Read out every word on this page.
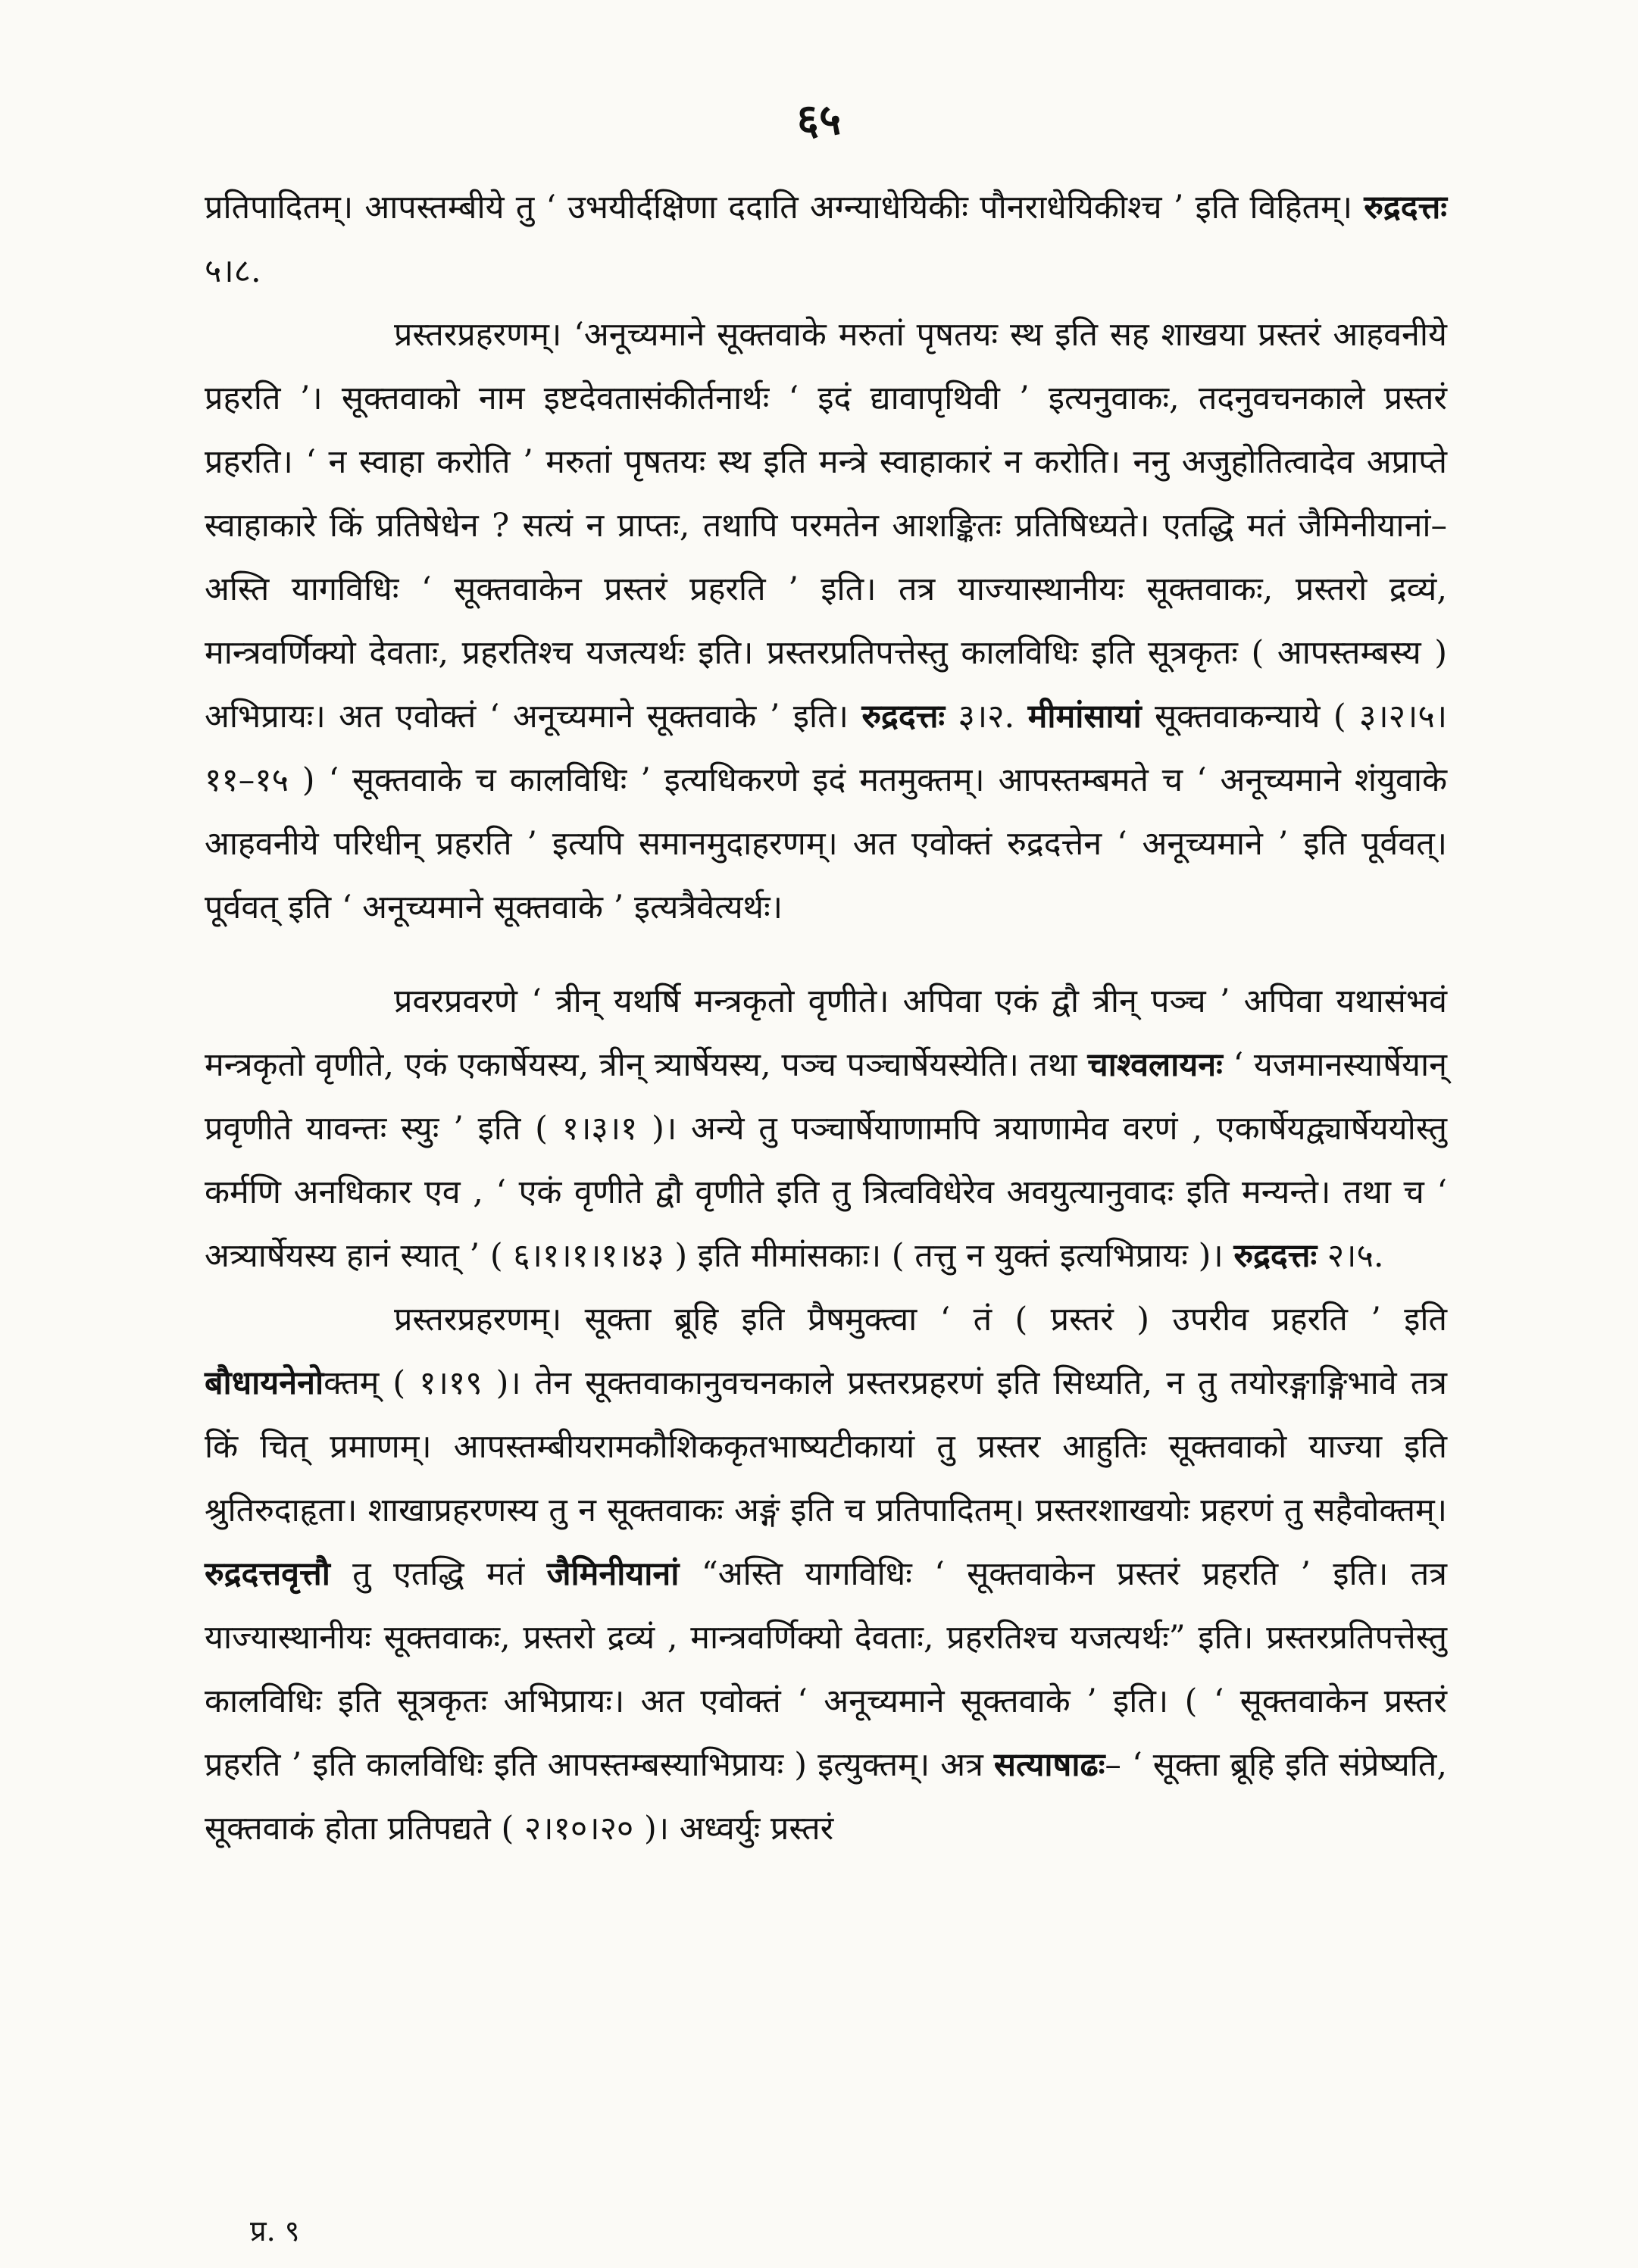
६५

प्रतिपादितम्। आपस्तम्बीये तु ‘ उभयीर्दक्षिणा ददाति अग्न्याधेयिकीः पौनराधेयिकीश्च ’ इति विहितम्। रुद्रदत्तः ५।८.

प्रस्तरप्रहरणम्। ‘अनूच्यमाने सूक्तवाके मरुतां पृषतयः स्थ इति सह शाखया प्रस्तरं आहवनीये प्रहरति ’। सूक्तवाको नाम इष्टदेवतासंकीर्तनार्थः ‘ इदं द्यावापृथिवी ’ इत्यनुवाकः, तदनुवचनकाले प्रस्तरं प्रहरति। ‘ न स्वाहा करोति ’ मरुतां पृषतयः स्थ इति मन्त्रे स्वाहाकारं न करोति। ननु अजुहोतित्वादेव अप्राप्ते स्वाहाकारे किं प्रतिषेधेन ? सत्यं न प्राप्तः, तथापि परमतेन आशङ्कितः प्रतिषिध्यते। एतद्धि मतं जैमिनीयानां– अस्ति यागविधिः ‘ सूक्तवाकेन प्रस्तरं प्रहरति ’ इति। तत्र याज्यास्थानीयः सूक्तवाकः, प्रस्तरो द्रव्यं, मान्त्रवर्णिक्यो देवताः, प्रहरतिश्च यजत्यर्थः इति। प्रस्तरप्रतिपत्तेस्तु कालविधिः इति सूत्रकृतः ( आपस्तम्बस्य ) अभिप्रायः। अत एवोक्तं ‘ अनूच्यमाने सूक्तवाके ’ इति। रुद्रदत्तः ३।२. मीमांसायां सूक्तवाकन्याये ( ३।२।५।११–१५ ) ‘ सूक्तवाके च कालविधिः ’ इत्यधिकरणे इदं मतमुक्तम्। आपस्तम्बमते च ‘ अनूच्यमाने शंयुवाके आहवनीये परिधीन् प्रहरति ’ इत्यपि समानमुदाहरणम्। अत एवोक्तं रुद्रदत्तेन ‘ अनूच्यमाने ’ इति पूर्ववत्। पूर्ववत् इति ‘ अनूच्यमाने सूक्तवाके ’ इत्यत्रैवेत्यर्थः।

प्रवरप्रवरणे ‘ त्रीन् यथर्षि मन्त्रकृतो वृणीते। अपिवा एकं द्वौ त्रीन् पञ्च ’ अपिवा यथासंभवं मन्त्रकृतो वृणीते, एकं एकार्षेयस्य, त्रीन् त्र्यार्षेयस्य, पञ्च पञ्चार्षेयस्येति। तथा चाश्वलायनः ‘ यजमानस्यार्षेयान् प्रवृणीते यावन्तः स्युः ’ इति ( १।३।१ )। अन्ये तु पञ्चार्षेयाणामपि त्रयाणामेव वरणं , एकार्षेयद्व्यार्षेययोस्तु कर्मणि अनधिकार एव , ‘ एकं वृणीते द्वौ वृणीते इति तु त्रित्वविधेरेव अवयुत्यानुवादः इति मन्यन्ते। तथा च ‘ अत्र्यार्षेयस्य हानं स्यात् ’ ( ६।१।१।१।४३ ) इति मीमांसकाः। ( तत्तु न युक्तं इत्यभिप्रायः )। रुद्रदत्तः २।५.

प्रस्तरप्रहरणम्। सूक्ता ब्रूहि इति प्रैषमुक्त्वा ‘ तं ( प्रस्तरं ) उपरीव प्रहरति ’ इति बौधायनेनोक्तम् ( १।१९ )। तेन सूक्तवाकानुवचनकाले प्रस्तरप्रहरणं इति सिध्यति, न तु तयोरङ्गाङ्गिभावे तत्र किं चित् प्रमाणम्। आपस्तम्बीयरामकौशिककृतभाष्यटीकायां तु प्रस्तर आहुतिः सूक्तवाको याज्या इति श्रुतिरुदाहृता। शाखाप्रहरणस्य तु न सूक्तवाकः अङ्गं इति च प्रतिपादितम्। प्रस्तरशाखयोः प्रहरणं तु सहैवोक्तम्। रुद्रदत्तवृत्तौ तु एतद्धि मतं जैमिनीयानां “अस्ति यागविधिः ‘ सूक्तवाकेन प्रस्तरं प्रहरति ’ इति। तत्र याज्यास्थानीयः सूक्तवाकः, प्रस्तरो द्रव्यं , मान्त्रवर्णिक्यो देवताः, प्रहरतिश्च यजत्यर्थः” इति। प्रस्तरप्रतिपत्तेस्तु कालविधिः इति सूत्रकृतः अभिप्रायः। अत एवोक्तं ‘ अनूच्यमाने सूक्तवाके ’ इति। ( ‘ सूक्तवाकेन प्रस्तरं प्रहरति ’ इति कालविधिः इति आपस्तम्बस्याभिप्रायः ) इत्युक्तम्। अत्र सत्याषाढः– ‘ सूक्ता ब्रूहि इति संप्रेष्यति, सूक्तवाकं होता प्रतिपद्यते ( २।१०।२० )। अध्वर्युः प्रस्तरं

प्र. ९
